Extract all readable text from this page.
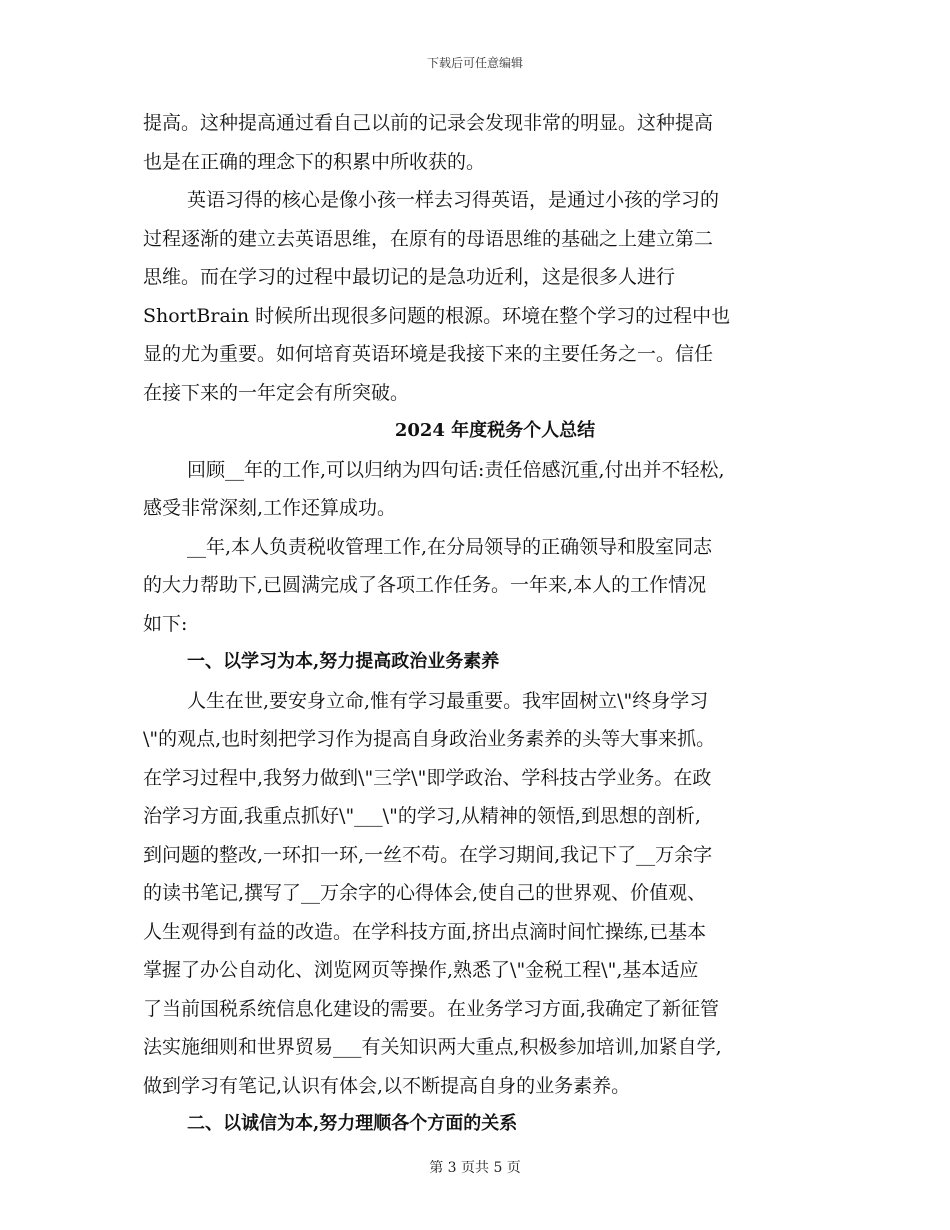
下载后可任意编辑
提高。这种提高通过看自己以前的记录会发现非常的明显。这种提高
也是在正确的理念下的积累中所收获的。
英语习得的核心是像小孩一样去习得英语，是通过小孩的学习的
过程逐渐的建立去英语思维，在原有的母语思维的基础之上建立第二
思维。而在学习的过程中最切记的是急功近利，这是很多人进行
ShortBrain 时候所出现很多问题的根源。环境在整个学习的过程中也
显的尤为重要。如何培育英语环境是我接下来的主要任务之一。信任
在接下来的一年定会有所突破。
2024 年度税务个人总结
回顾__年的工作,可以归纳为四句话:责任倍感沉重,付出并不轻松,
感受非常深刻,工作还算成功。
__年,本人负责税收管理工作,在分局领导的正确领导和股室同志
的大力帮助下,已圆满完成了各项工作任务。一年来,本人的工作情况
如下:
一、以学习为本,努力提高政治业务素养
人生在世,要安身立命,惟有学习最重要。我牢固树立\"终身学习
\"的观点,也时刻把学习作为提高自身政治业务素养的头等大事来抓。
在学习过程中,我努力做到\"三学\"即学政治、学科技古学业务。在政
治学习方面,我重点抓好\"___\"的学习,从精神的领悟,到思想的剖析,
到问题的整改,一环扣一环,一丝不苟。在学习期间,我记下了__万余字
的读书笔记,撰写了__万余字的心得体会,使自己的世界观、价值观、
人生观得到有益的改造。在学科技方面,挤出点滴时间忙操练,已基本
掌握了办公自动化、浏览网页等操作,熟悉了\"金税工程\",基本适应
了当前国税系统信息化建设的需要。在业务学习方面,我确定了新征管
法实施细则和世界贸易___有关知识两大重点,积极参加培训,加紧自学,
做到学习有笔记,认识有体会,以不断提高自身的业务素养。
二、以诚信为本,努力理顺各个方面的关系
第 3 页共 5 页
